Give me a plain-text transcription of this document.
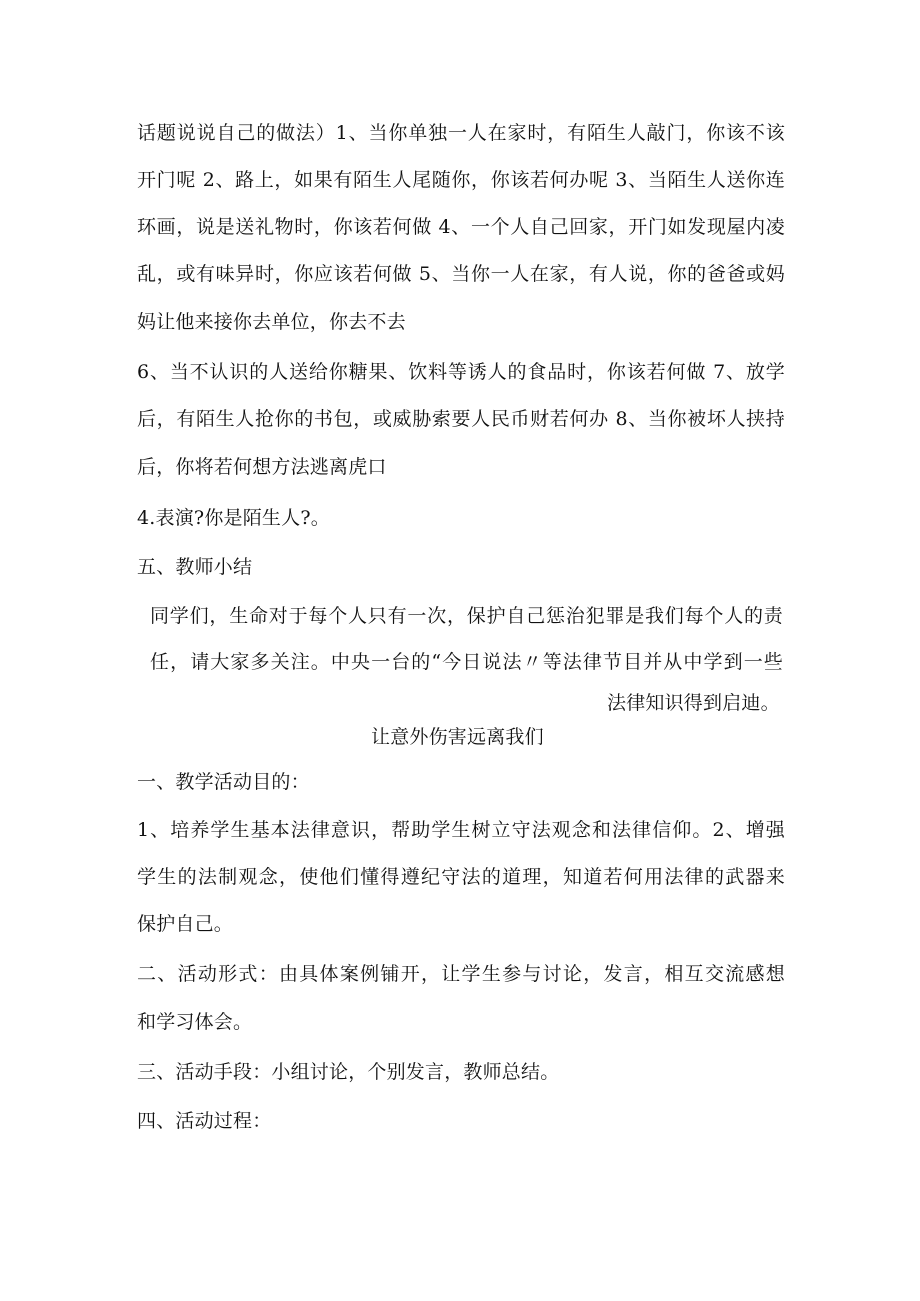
话题说说自己的做法）1、当你单独一人在家时，有陌生人敲门，你该不该
开门呢 2、路上，如果有陌生人尾随你，你该若何办呢 3、当陌生人送你连
环画，说是送礼物时，你该若何做 4、一个人自己回家，开门如发现屋内凌
乱，或有味异时，你应该若何做 5、当你一人在家，有人说，你的爸爸或妈
妈让他来接你去单位，你去不去
6、当不认识的人送给你糖果、饮料等诱人的食品时，你该若何做 7、放学
后，有陌生人抢你的书包，或威胁索要人民币财若何办 8、当你被坏人挟持
后，你将若何想方法逃离虎口
4.表演?你是陌生人?。
五、教师小结
同学们，生命对于每个人只有一次，保护自己惩治犯罪是我们每个人的责
任，请大家多关注。中央一台的“今日说法〃等法律节目并从中学到一些
法律知识得到启迪。
让意外伤害远离我们
一、教学活动目的：
1、培养学生基本法律意识，帮助学生树立守法观念和法律信仰。2、增强
学生的法制观念，使他们懂得遵纪守法的道理，知道若何用法律的武器来
保护自己。
二、活动形式：由具体案例铺开，让学生参与讨论，发言，相互交流感想
和学习体会。
三、活动手段：小组讨论，个别发言，教师总结。
四、活动过程：
